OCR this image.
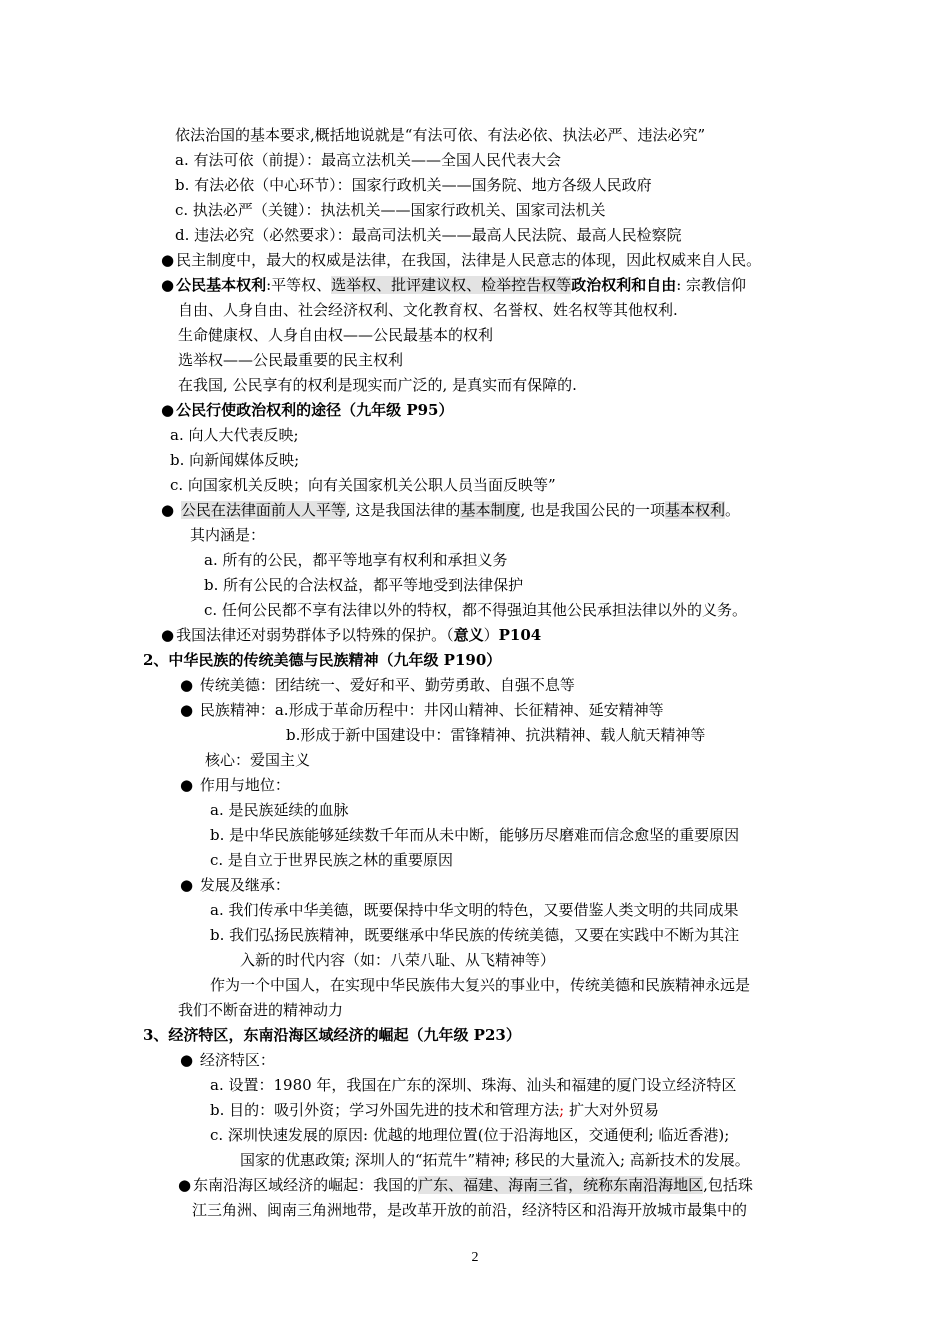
依法治国的基本要求,概括地说就是“有法可依、有法必依、执法必严、违法必究”
a. 有法可依（前提）：最高立法机关——全国人民代表大会
b. 有法必依（中心环节）：国家行政机关——国务院、地方各级人民政府
c. 执法必严（关键）：执法机关——国家行政机关、国家司法机关
d. 违法必究（必然要求）：最高司法机关——最高人民法院、最高人民检察院
● 民主制度中，最大的权威是法律，在我国，法律是人民意志的体现，因此权威来自人民。
● 公民基本权利:平等权、选举权、批评建议权、检举控告权等政治权利和自由: 宗教信仰
自由、人身自由、社会经济权利、文化教育权、名誉权、姓名权等其他权利.
生命健康权、人身自由权——公民最基本的权利
选举权——公民最重要的民主权利
在我国, 公民享有的权利是现实而广泛的, 是真实而有保障的.
● 公民行使政治权利的途径（九年级 P95）
a. 向人大代表反映;
b. 向新闻媒体反映;
c. 向国家机关反映；向有关国家机关公职人员当面反映等”
● 公民在法律面前人人平等, 这是我国法律的基本制度, 也是我国公民的一项基本权利。
其内涵是：
a. 所有的公民，都平等地享有权利和承担义务
b. 所有公民的合法权益，都平等地受到法律保护
c. 任何公民都不享有法律以外的特权，都不得强迫其他公民承担法律以外的义务。
● 我国法律还对弱势群体予以特殊的保护。（意义）P104
2、中华民族的传统美德与民族精神（九年级 P190）
● 传统美德：团结统一、爱好和平、勤劳勇敢、自强不息等
● 民族精神：a.形成于革命历程中：井冈山精神、长征精神、延安精神等
b.形成于新中国建设中：雷锋精神、抗洪精神、载人航天精神等
核心：爱国主义
● 作用与地位：
a. 是民族延续的血脉
b. 是中华民族能够延续数千年而从未中断，能够历尽磨难而信念愈坚的重要原因
c. 是自立于世界民族之林的重要原因
● 发展及继承：
a. 我们传承中华美德，既要保持中华文明的特色，又要借鉴人类文明的共同成果
b. 我们弘扬民族精神，既要继承中华民族的传统美德，又要在实践中不断为其注
入新的时代内容（如：八荣八耻、从飞精神等）
作为一个中国人，在实现中华民族伟大复兴的事业中，传统美德和民族精神永远是
我们不断奋进的精神动力
3、经济特区，东南沿海区域经济的崛起（九年级 P23）
● 经济特区：
a. 设置：1980 年，我国在广东的深圳、珠海、汕头和福建的厦门设立经济特区
b. 目的：吸引外资；学习外国先进的技术和管理方法; 扩大对外贸易
c. 深圳快速发展的原因: 优越的地理位置(位于沿海地区，交通便利; 临近香港);
国家的优惠政策; 深圳人的“拓荒牛”精神; 移民的大量流入; 高新技术的发展。
● 东南沿海区域经济的崛起：我国的广东、福建、海南三省，统称东南沿海地区,包括珠
江三角洲、闽南三角洲地带，是改革开放的前沿，经济特区和沿海开放城市最集中的
2
